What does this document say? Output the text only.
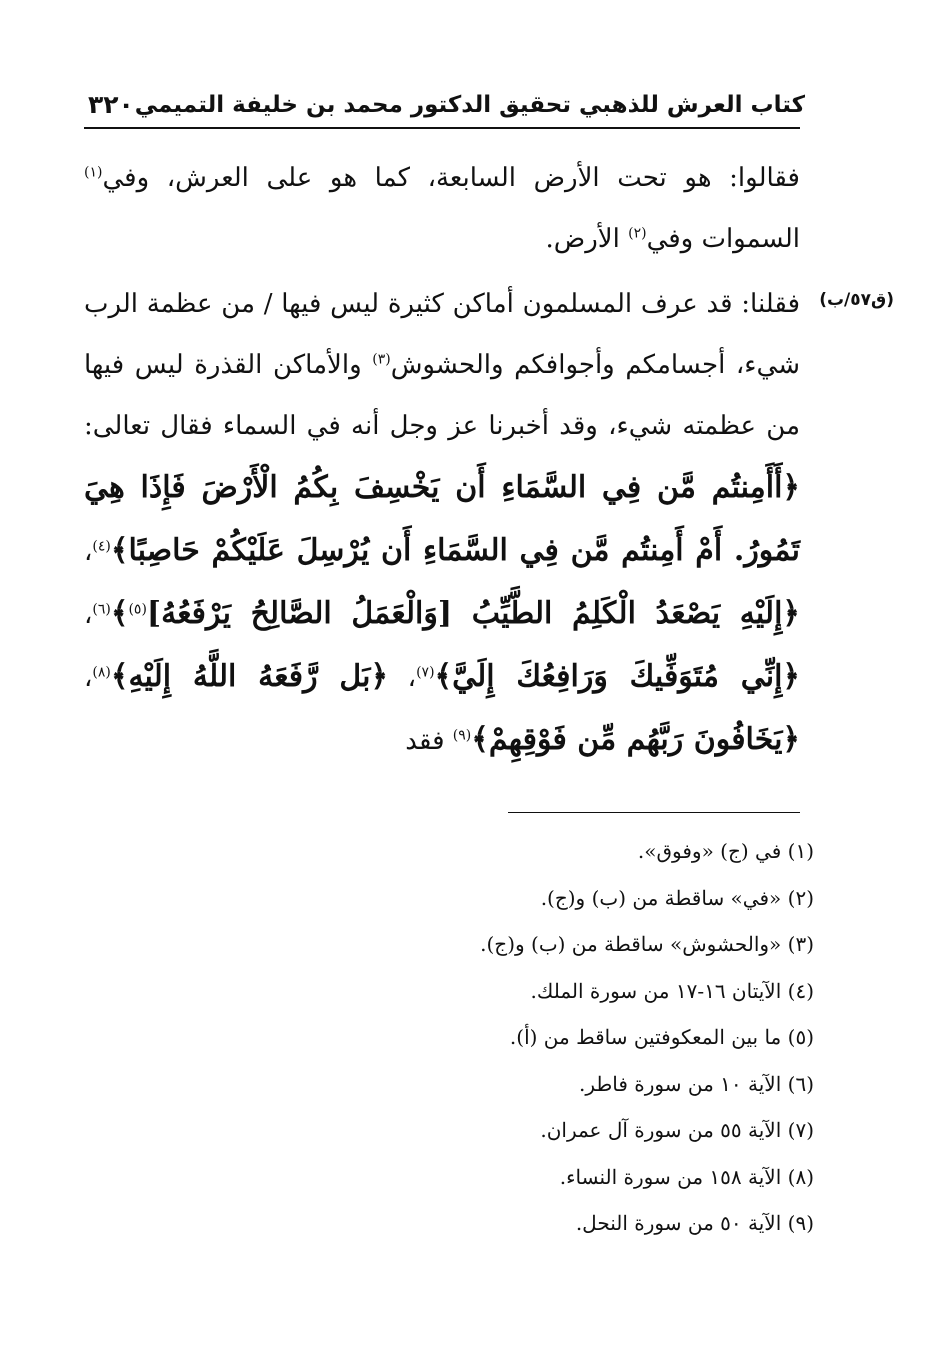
كتاب العرش للذهبي تحقيق الدكتور محمد بن خليفة التميمي
٣٢٠
(ق٥٧/ب)

فقالوا: هو تحت الأرض السابعة، كما هو على العرش، وفي$^{(١)}$ السموات وفي$^{(٢)}$ الأرض.

فقلنا: قد عرف المسلمون أماكن كثيرة ليس فيها / من عظمة الرب شيء، أجسامكم وأجوافكم والحشوش$^{(٣)}$ والأماكن القذرة ليس فيها من عظمته شيء، وقد أخبرنا عز وجل أنه في السماء فقال تعالى: ﴿أَأَمِنتُم مَّن فِي السَّمَاءِ أَن يَخْسِفَ بِكُمُ الْأَرْضَ فَإِذَا هِيَ تَمُورُ. أَمْ أَمِنتُم مَّن فِي السَّمَاءِ أَن يُرْسِلَ عَلَيْكُمْ حَاصِبًا﴾$^{(٤)}$، ﴿إِلَيْهِ يَصْعَدُ الْكَلِمُ الطَّيِّبُ [وَالْعَمَلُ الصَّالِحُ يَرْفَعُهُ]$^{(٥)}$﴾$^{(٦)}$، ﴿إِنِّي مُتَوَفِّيكَ وَرَافِعُكَ إِلَيَّ﴾$^{(٧)}$، ﴿بَل رَّفَعَهُ اللَّهُ إِلَيْهِ﴾$^{(٨)}$، ﴿يَخَافُونَ رَبَّهُم مِّن فَوْقِهِمْ﴾$^{(٩)}$ فقد

(١) في (ج) «وفوق».
(٢) «في» ساقطة من (ب) و(ج).
(٣) «والحشوش» ساقطة من (ب) و(ج).
(٤) الآيتان ١٦-١٧ من سورة الملك.
(٥) ما بين المعكوفتين ساقط من (أ).
(٦) الآية ١٠ من سورة فاطر.
(٧) الآية ٥٥ من سورة آل عمران.
(٨) الآية ١٥٨ من سورة النساء.
(٩) الآية ٥٠ من سورة النحل.
